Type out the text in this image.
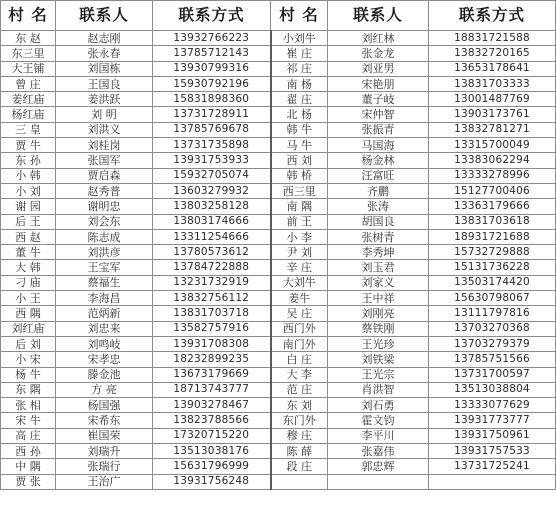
村 名	联系人	联系方式	村 名	联系人	联系方式
东 赵	赵志刚	13932766223	小刘牛	刘红林	18831721588
东三里	张永春	13785712143	崔 庄	张金龙	13832720165
大王铺	刘国栋	13930799316	祁 庄	刘亚男	13653178641
曾 庄	王国良	15930792196	南 杨	宋艳朋	13831703333
姜红庙	姜洪跃	15831898360	翟 庄	董子岐	13001487769
杨红庙	刘 明	13731728911	北 杨	宋仲智	13903173761
三 皇	刘洪义	13785769678	韩 牛	张振青	13832781271
贾 牛	刘桂岗	13731735898	马 牛	马国海	13315700049
东 孙	张国军	13931753933	西 刘	杨金林	13383062294
小 韩	贾启森	15932705074	韩 桥	汪富旺	13333278996
小 刘	赵秀普	13603279932	西三里	齐鹏	15127700406
谢 园	谢明忠	13803258128	南 隅	张涛	13363179666
后 王	刘会东	13803174666	前 王	胡国良	13831703618
西 赵	陈志成	13311254666	小 李	张树青	18931721688
董 牛	刘洪彦	13780573612	尹 刘	李秀坤	15732729888
大 韩	王宝军	13784722888	辛 庄	刘玉君	15131736228
刁 庙	蔡福生	13231732919	大刘牛	刘家义	13503174420
小 王	李海昌	13832756112	姜牛	王中祥	15630798067
西 隅	范炳新	13831703718	吴 庄	刘刚亮	13111797816
刘红庙	刘忠来	13582757916	西门外	蔡铁刚	13703270368
后 刘	刘鸣岐	13931708308	南门外	王光珍	13703279379
小 宋	宋孝忠	18232899235	白 庄	刘铁梁	13785751566
杨 牛	滕金池	13673179669	大 李	王光宗	13731700597
东 隅	方 亮	18713743777	范 庄	肖洪智	13513038804
张 相	杨国强	13903278467	东 刘	刘石勇	13333077629
宋 牛	宋希东	13823788566	东门外	霍文钧	13931773777
高 庄	崔国荣	17320715220	穆 庄	李平川	13931750961
西 孙	刘瑞升	13513038176	陈 薛	张嘉伟	13931757533
中 隅	张瑞行	15631796999	段 庄	郭忠辉	13731725241
贾 张	王治广	13931756248			
